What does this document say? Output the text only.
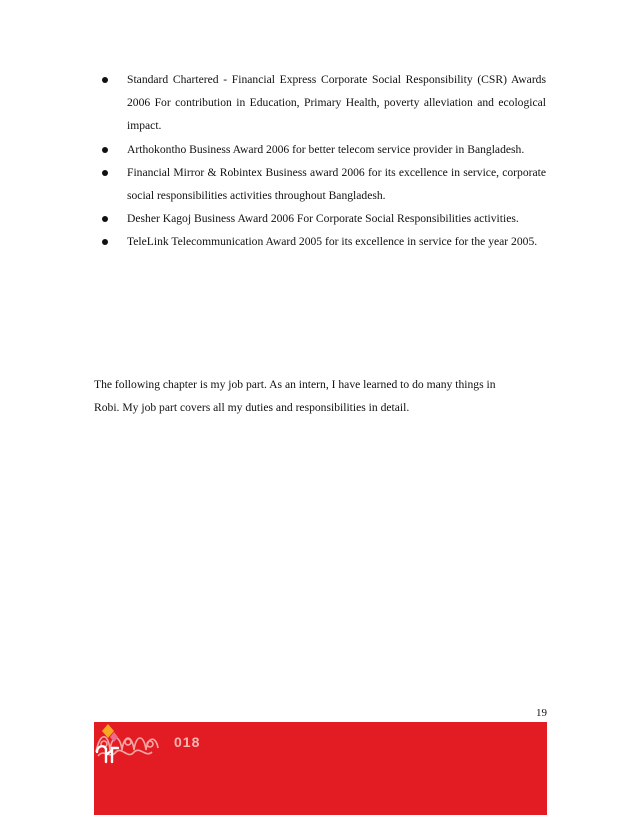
Standard Chartered - Financial Express Corporate Social Responsibility (CSR) Awards 2006 For contribution in Education, Primary Health, poverty alleviation and ecological impact.
Arthokontho Business Award 2006 for better telecom service provider in Bangladesh.
Financial Mirror & Robintex Business award 2006 for its excellence in service, corporate social responsibilities activities throughout Bangladesh.
Desher Kagoj Business Award 2006 For Corporate Social Responsibilities activities.
TeleLink Telecommunication Award 2005 for its excellence in service for the year 2005.

The following chapter is my job part. As an intern, I have learned to do many things in
Robi. My job part covers all my duties and responsibilities in detail.

19
018
